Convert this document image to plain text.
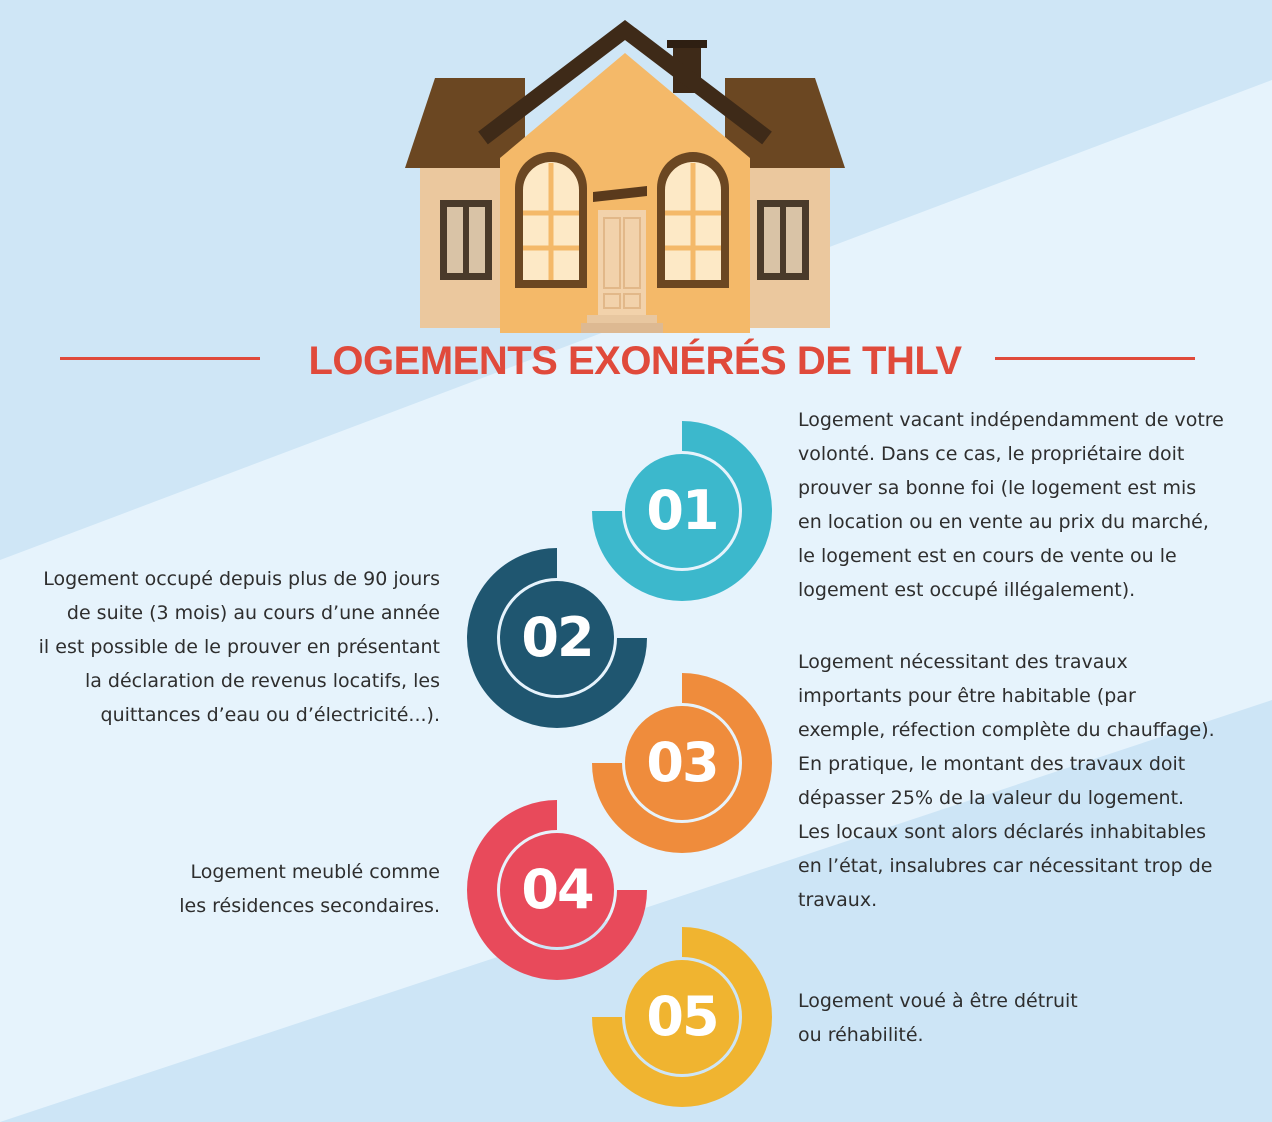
LOGEMENTS EXONÉRÉS DE THLV
01
02
03
04
05
Logement vacant indépendamment de votre
volonté. Dans ce cas, le propriétaire doit
prouver sa bonne foi (le logement est mis
en location ou en vente au prix du marché,
le logement est en cours de vente ou le
logement est occupé illégalement).
Logement occupé depuis plus de 90 jours
de suite (3 mois) au cours d’une année
il est possible de le prouver en présentant
la déclaration de revenus locatifs, les
quittances d’eau ou d’électricité...).
Logement nécessitant des travaux
importants pour être habitable (par
exemple, réfection complète du chauffage).
En pratique, le montant des travaux doit
dépasser 25% de la valeur du logement.
Les locaux sont alors déclarés inhabitables
en l’état, insalubres car nécessitant trop de
travaux.
Logement meublé comme
les résidences secondaires.
Logement voué à être détruit
ou réhabilité.
